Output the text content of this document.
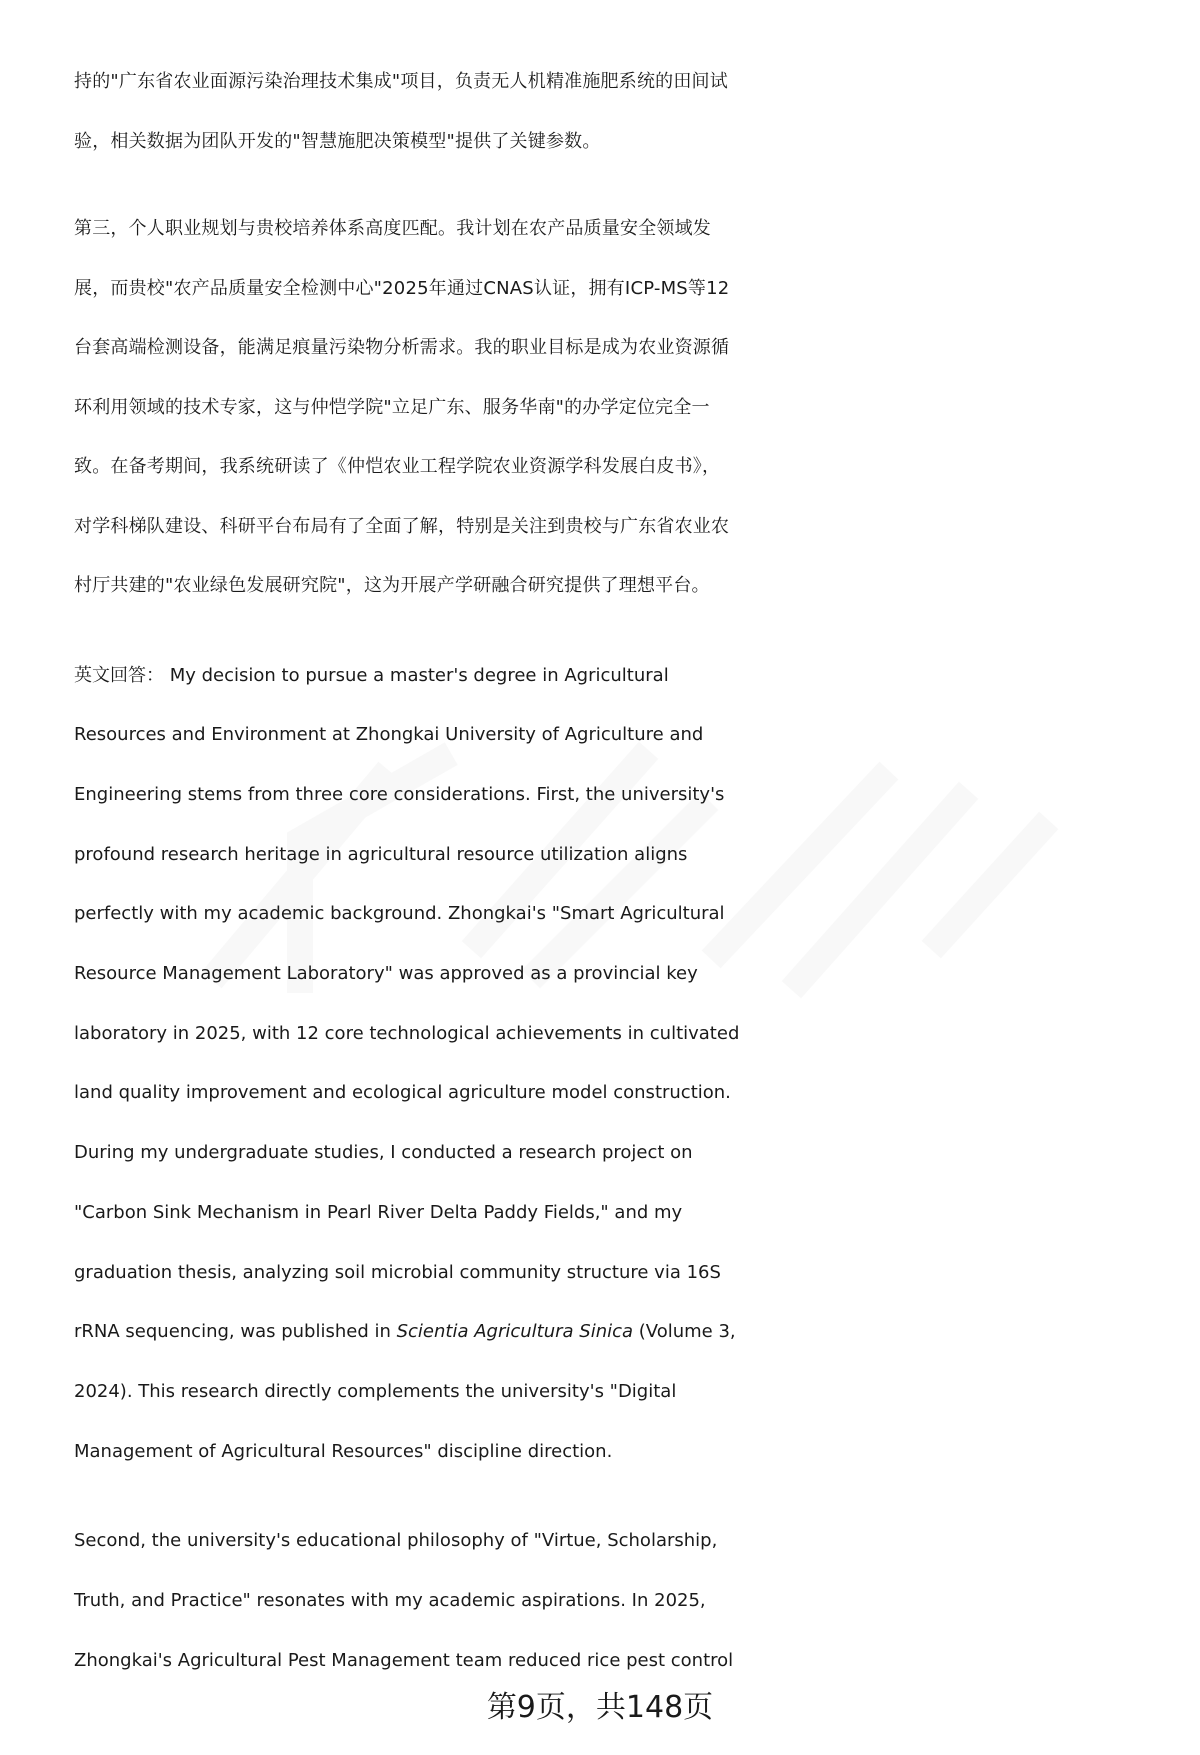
持的"广东省农业面源污染治理技术集成"项目，负责无人机精准施肥系统的田间试
验，相关数据为团队开发的"智慧施肥决策模型"提供了关键参数。
第三，个人职业规划与贵校培养体系高度匹配。我计划在农产品质量安全领域发
展，而贵校"农产品质量安全检测中心"2025年通过CNAS认证，拥有ICP-MS等12
台套高端检测设备，能满足痕量污染物分析需求。我的职业目标是成为农业资源循
环利用领域的技术专家，这与仲恺学院"立足广东、服务华南"的办学定位完全一
致。在备考期间，我系统研读了《仲恺农业工程学院农业资源学科发展白皮书》，
对学科梯队建设、科研平台布局有了全面了解，特别是关注到贵校与广东省农业农
村厅共建的"农业绿色发展研究院"，这为开展产学研融合研究提供了理想平台。
英文回答： My decision to pursue a master's degree in Agricultural
Resources and Environment at Zhongkai University of Agriculture and
Engineering stems from three core considerations. First, the university's
profound research heritage in agricultural resource utilization aligns
perfectly with my academic background. Zhongkai's "Smart Agricultural
Resource Management Laboratory" was approved as a provincial key
laboratory in 2025, with 12 core technological achievements in cultivated
land quality improvement and ecological agriculture model construction.
During my undergraduate studies, I conducted a research project on
"Carbon Sink Mechanism in Pearl River Delta Paddy Fields," and my
graduation thesis, analyzing soil microbial community structure via 16S
rRNA sequencing, was published in Scientia Agricultura Sinica (Volume 3,
2024). This research directly complements the university's "Digital
Management of Agricultural Resources" discipline direction.
Second, the university's educational philosophy of "Virtue, Scholarship,
Truth, and Practice" resonates with my academic aspirations. In 2025,
Zhongkai's Agricultural Pest Management team reduced rice pest control
第9页，共148页
